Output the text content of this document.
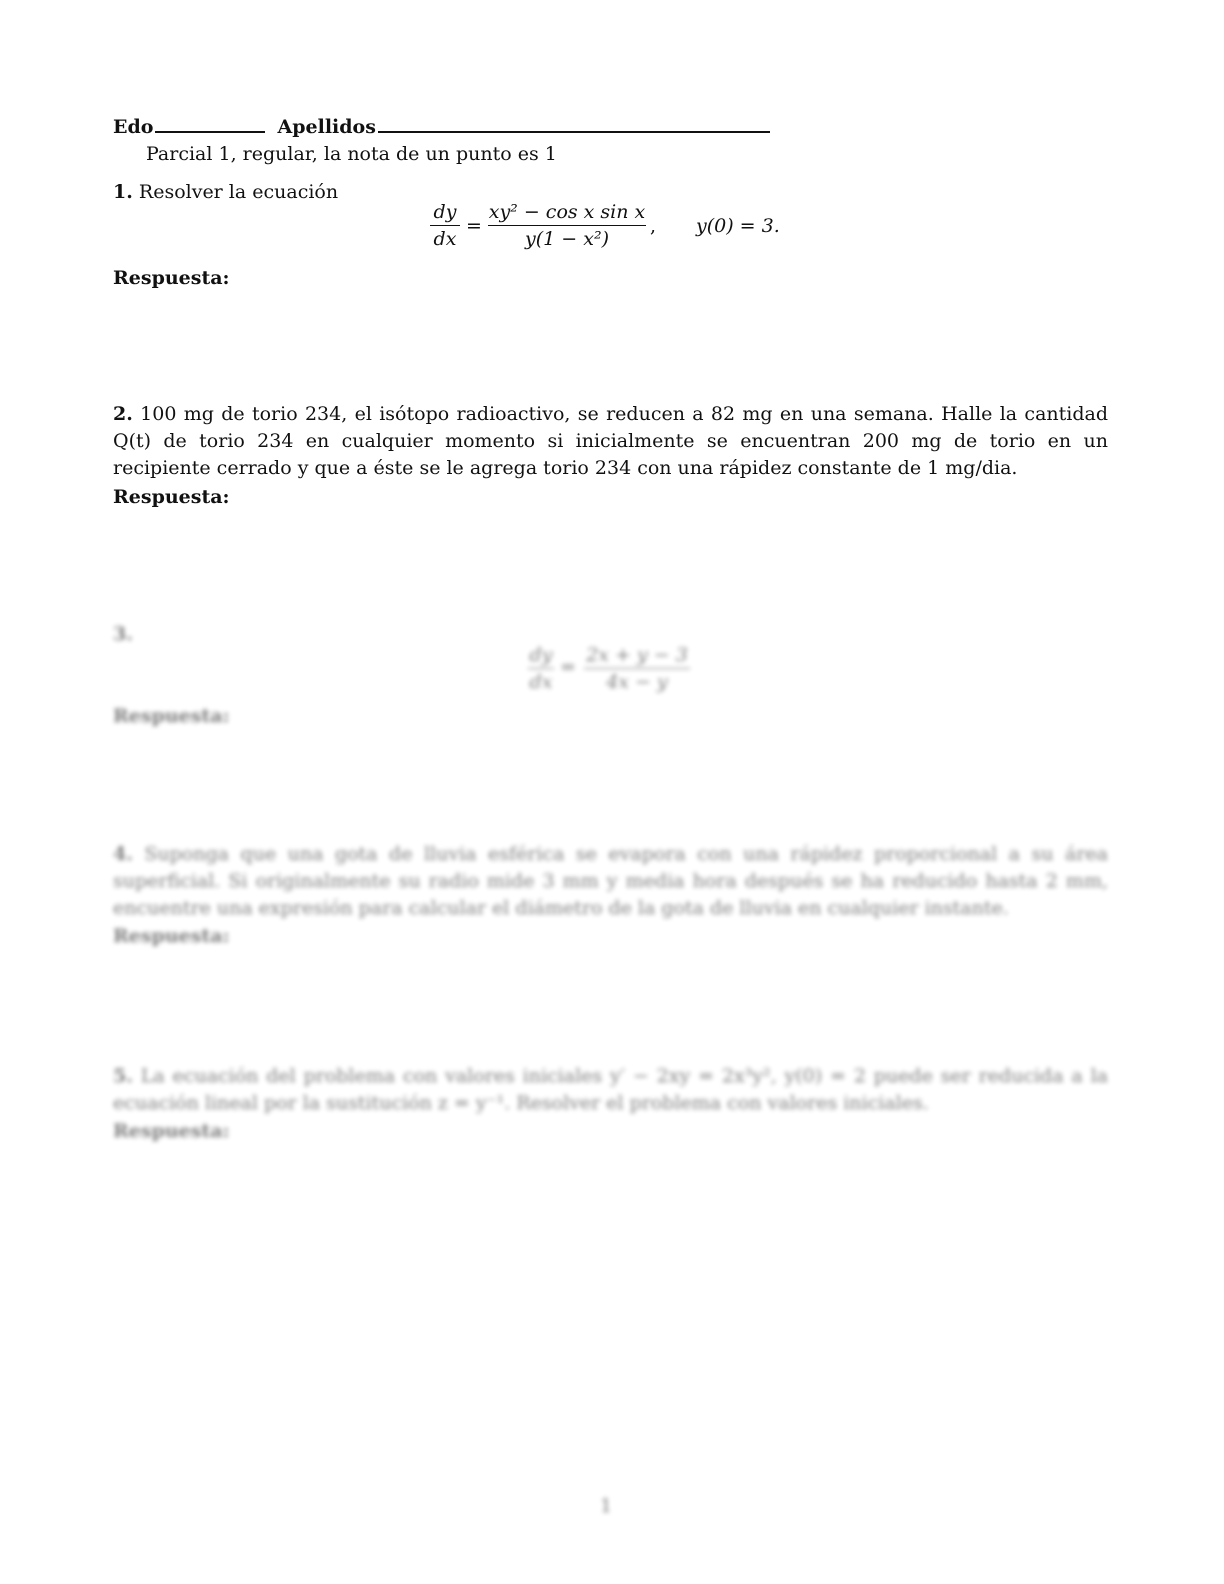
Edo	Apellidos
Parcial 1, regular, la nota de un punto es 1
1. Resolver la ecuación
dy
dx
=
xy² − cos x sin x
y(1 − x²)
, y(0) = 3.
Respuesta:
2. 100 mg de torio 234, el isótopo radioactivo, se reducen a 82 mg en una semana. Halle la cantidad Q(t) de torio 234 en cualquier momento si inicialmente se encuentran 200 mg de torio en un recipiente cerrado y que a éste se le agrega torio 234 con una rápidez constante de 1 mg/dia.
Respuesta:
3.
dy
dx
=
2x + y − 3
4x − y
Respuesta:
4. Suponga que una gota de lluvia esférica se evapora con una rápidez proporcional a su área superficial. Si originalmente su radio mide 3 mm y media hora después se ha reducido hasta 2 mm, encuentre una expresión para calcular el diámetro de la gota de lluvia en cualquier instante.
Respuesta:
5. La ecuación del problema con valores iniciales y′ − 2xy = 2x³y², y(0) = 2 puede ser reducida a la ecuación lineal por la sustitución z = y⁻¹. Resolver el problema con valores iniciales.
Respuesta:
1
